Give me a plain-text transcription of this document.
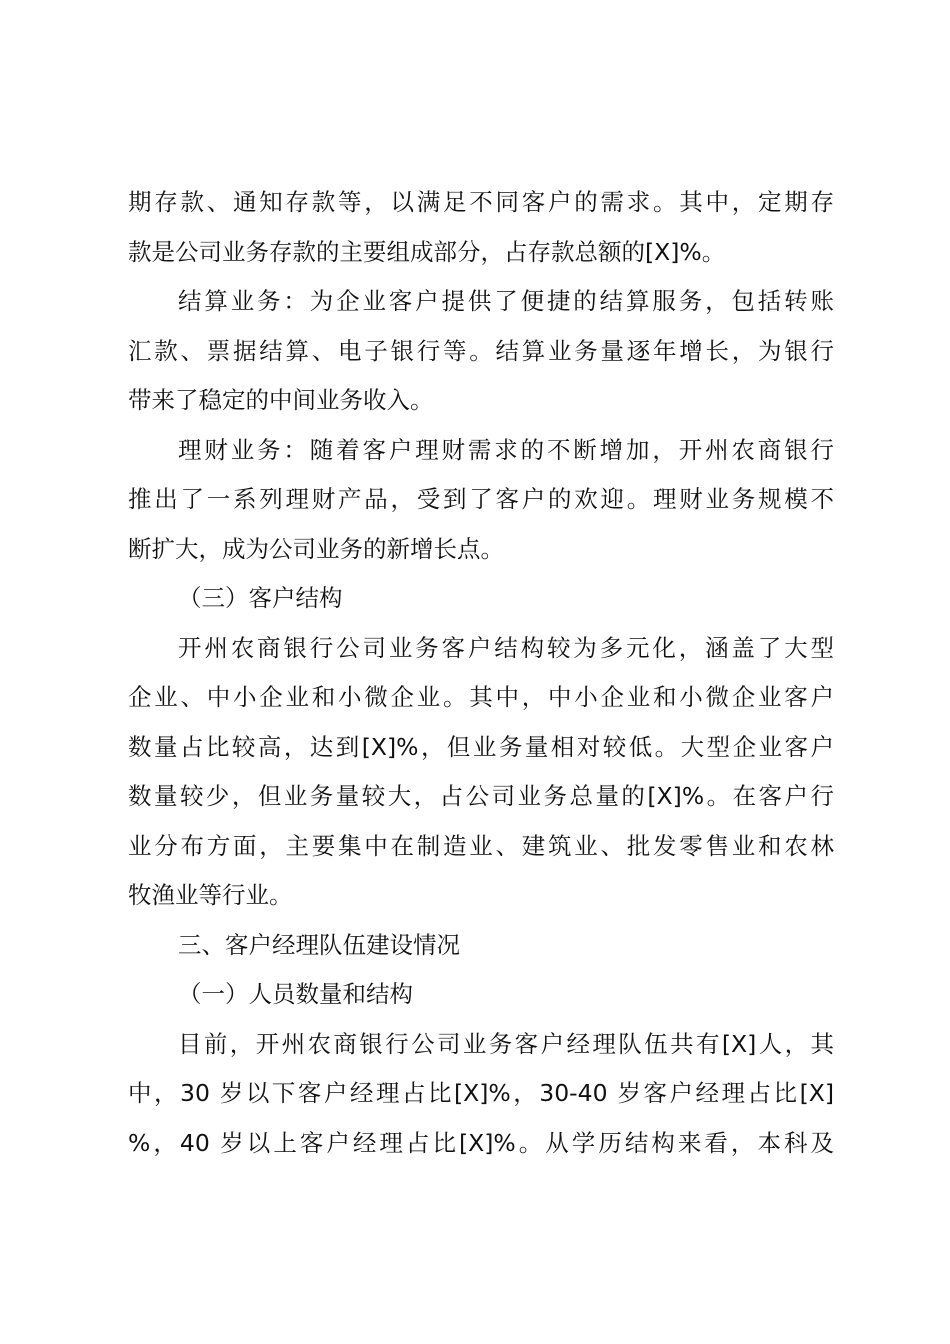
期存款、通知存款等，以满足不同客户的需求。其中，定期存
款是公司业务存款的主要组成部分，占存款总额的[X]%。
结算业务：为企业客户提供了便捷的结算服务，包括转账
汇款、票据结算、电子银行等。结算业务量逐年增长，为银行
带来了稳定的中间业务收入。
理财业务：随着客户理财需求的不断增加，开州农商银行
推出了一系列理财产品，受到了客户的欢迎。理财业务规模不
断扩大，成为公司业务的新增长点。
（三）客户结构
开州农商银行公司业务客户结构较为多元化，涵盖了大型
企业、中小企业和小微企业。其中，中小企业和小微企业客户
数量占比较高，达到[X]%，但业务量相对较低。大型企业客户
数量较少，但业务量较大，占公司业务总量的[X]%。在客户行
业分布方面，主要集中在制造业、建筑业、批发零售业和农林
牧渔业等行业。
三、客户经理队伍建设情况
（一）人员数量和结构
目前，开州农商银行公司业务客户经理队伍共有[X]人，其
中，30 岁以下客户经理占比[X]%，30-40 岁客户经理占比[X]
%，40 岁以上客户经理占比[X]%。从学历结构来看，本科及
